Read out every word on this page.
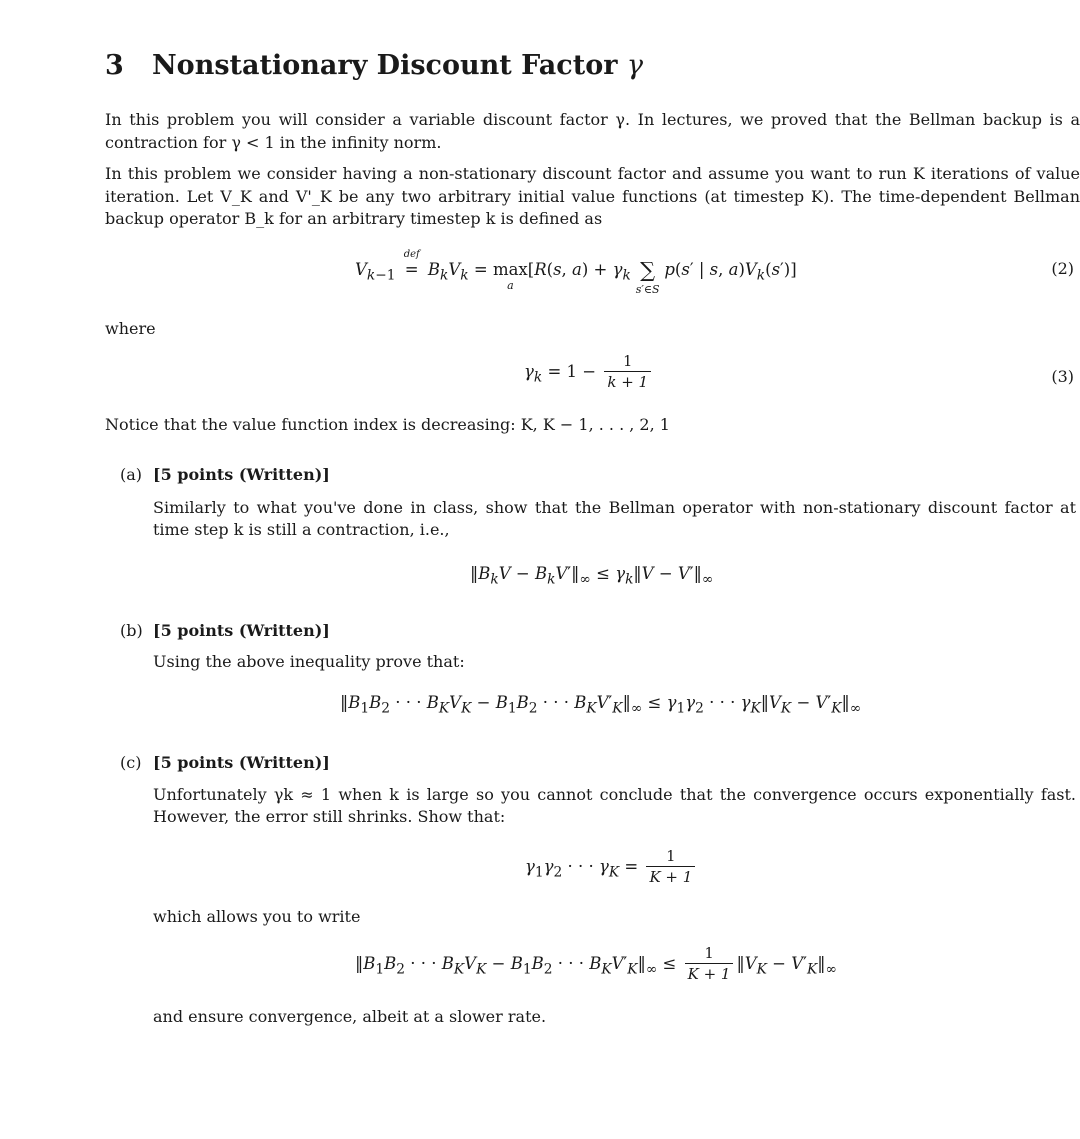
3 Nonstationary Discount Factor γ

In this problem you will consider a variable discount factor γ. In lectures, we proved that the Bellman backup is a contraction for γ < 1 in the infinity norm.

In this problem we consider having a non-stationary discount factor and assume you want to run K iterations of value iteration. Let V_K and V'_K be any two arbitrary initial value functions (at timestep K). The time-dependent Bellman backup operator B_k for an arbitrary timestep k is defined as

$V_{k-1}$
def
= $B_kV_k = \max$
a
[R(s, $a) + \gamma_k$ ∑
s′∈S
p(s′ | s, $a)V_k(s')$]	(2)
where
$\gamma_k = 1 - \frac{1}{k + 1}$	(3)
Notice that the value function index is decreasing: K, K − 1, . . . , 2, 1
(a) [5 points (Written)]

Similarly to what you've done in class, show that the Bellman operator with non-stationary discount factor at time step k is still a contraction, i.e.,

$‖B_kV$ − $B_kV'‖_\infty$ ≤ $\gamma_k‖V$ − $V'‖_\infty$
(b) [5 points (Written)]

Using the above inequality prove that:

$‖B_1B_2$ · · · $B_KV_K - B_1B_2$ · · · $B_KV'_K‖_\infty \le \gamma_1\gamma_2$ · · · $\gamma_K‖V_K$ − $V'_K‖_\infty$
(c) [5 points (Written)]

Unfortunately γk ≈ 1 when k is large so you cannot conclude that the convergence occurs exponentially fast. However, the error still shrinks. Show that:

$\gamma_1\gamma_2$ · · · $\gamma_K = \frac{1}{K + 1}$
which allows you to write
$‖B_1B_2$ · · · $B_KV_K - B_1B_2$ · · · $B_KV'_K‖_\infty \le \frac{1}{K + 1}$ $‖V_K$ − $V'_K‖_\infty$
and ensure convergence, albeit at a slower rate.
